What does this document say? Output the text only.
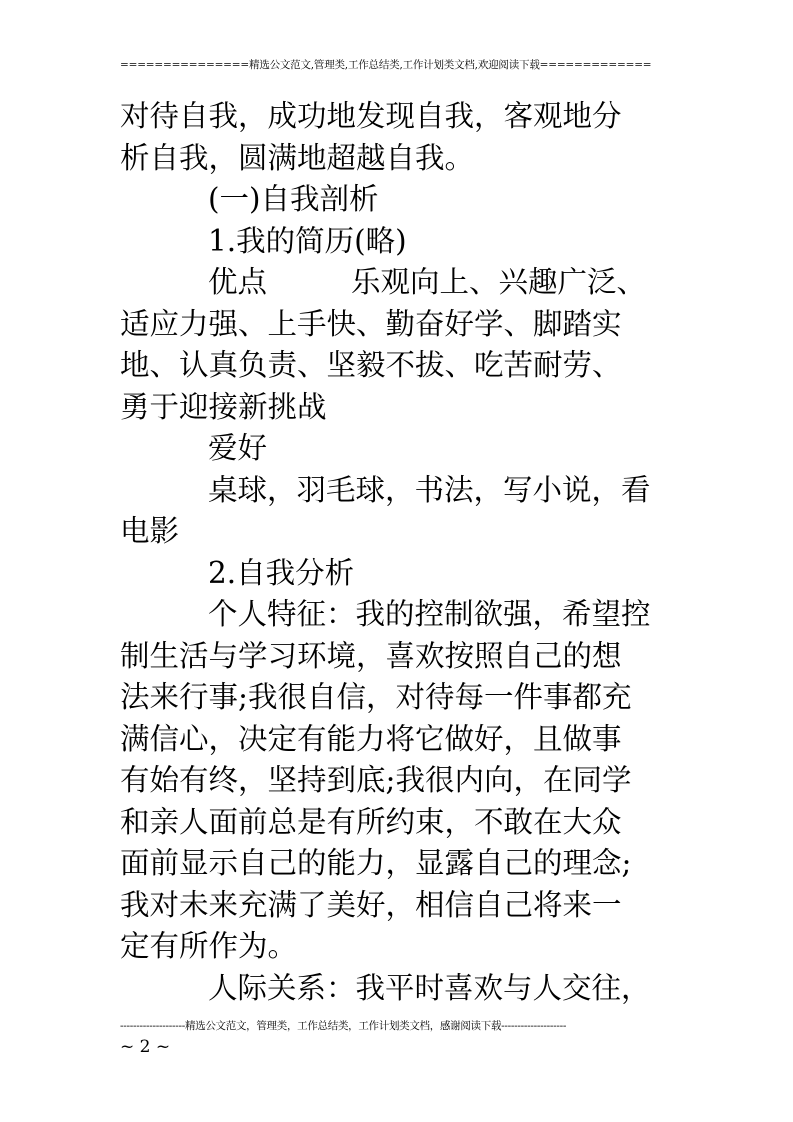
===============精选公文范文,管理类,工作总结类,工作计划类文档,欢迎阅读下载=============
对待自我，成功地发现自我，客观地分
析自我，圆满地超越自我。
(一)自我剖析
1.我的简历(略)
优点	乐观向上、兴趣广泛、
适应力强、上手快、勤奋好学、脚踏实
地、认真负责、坚毅不拔、吃苦耐劳、
勇于迎接新挑战
爱好
桌球，羽毛球，书法，写小说，看
电影
2.自我分析
个人特征：我的控制欲强，希望控
制生活与学习环境，喜欢按照自己的想
法来行事;我很自信，对待每一件事都充
满信心，决定有能力将它做好，且做事
有始有终，坚持到底;我很内向，在同学
和亲人面前总是有所约束，不敢在大众
面前显示自己的能力，显露自己的理念;
我对未来充满了美好，相信自己将来一
定有所作为。
人际关系：我平时喜欢与人交往，
--------------------精选公文范文，管理类，工作总结类，工作计划类文档，感谢阅读下载--------------------
~ 2 ~
